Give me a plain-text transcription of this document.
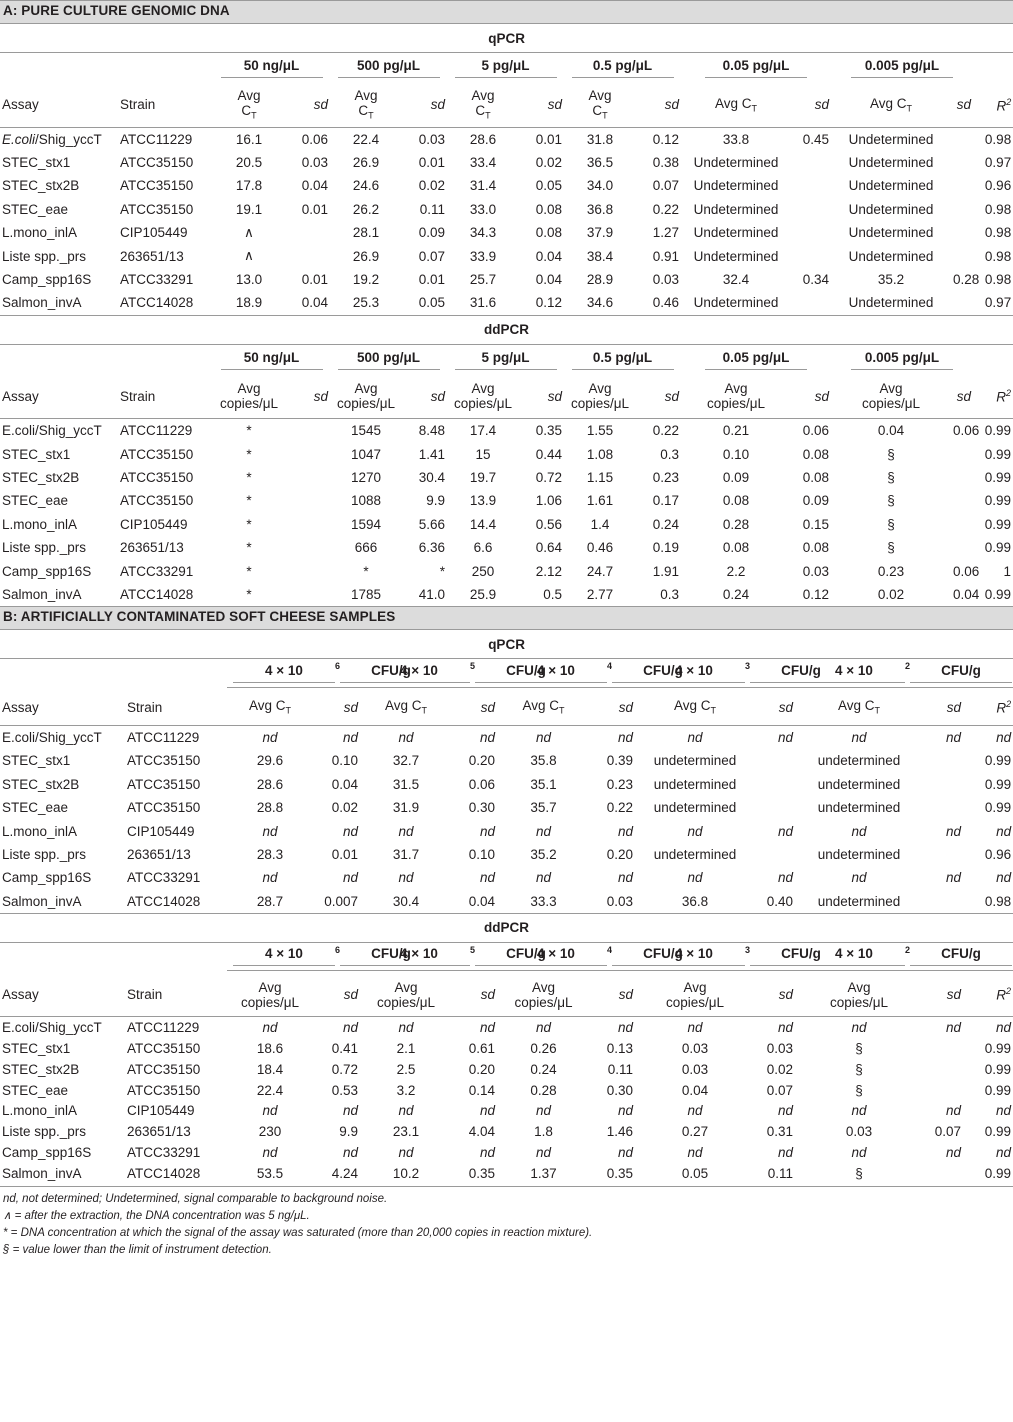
A: PURE CULTURE GENOMIC DNA
qPCR														
		50 ng/μL		500 pg/μL		5 pg/μL		0.5 pg/μL		0.05 pg/μL		0.005 pg/μL		
Assay	Strain	Avg
$C_T$	sd	Avg
$C_T$	sd	Avg
$C_T$	sd	Avg
$C_T$	sd	Avg $C_T$	sd	Avg $C_T$	sd	$R^2$
E.coli/Shig_yccT	ATCC11229	16.1	0.06	22.4	0.03	28.6	0.01	31.8	0.12	33.8	0.45	Undetermined		0.98
STEC_stx1	ATCC35150	20.5	0.03	26.9	0.01	33.4	0.02	36.5	0.38	Undetermined		Undetermined		0.97
STEC_stx2B	ATCC35150	17.8	0.04	24.6	0.02	31.4	0.05	34.0	0.07	Undetermined		Undetermined		0.96
STEC_eae	ATCC35150	19.1	0.01	26.2	0.11	33.0	0.08	36.8	0.22	Undetermined		Undetermined		0.98
L.mono_inlA	CIP105449	∧		28.1	0.09	34.3	0.08	37.9	1.27	Undetermined		Undetermined		0.98
Liste spp._prs	263651/13	∧		26.9	0.07	33.9	0.04	38.4	0.91	Undetermined		Undetermined		0.98
Camp_spp16S	ATCC33291	13.0	0.01	19.2	0.01	25.7	0.04	28.9	0.03	32.4	0.34	35.2	0.28	0.98
Salmon_invA	ATCC14028	18.9	0.04	25.3	0.05	31.6	0.12	34.6	0.46	Undetermined		Undetermined		0.97
ddPCR														
		50 ng/μL		500 pg/μL		5 pg/μL		0.5 pg/μL		0.05 pg/μL		0.005 pg/μL		
Assay	Strain	Avg
copies/μL	sd	Avg
copies/μL	sd	Avg
copies/μL	sd	Avg
copies/μL	sd	Avg
copies/μL	sd	Avg
copies/μL	sd	$R^2$
E.coli/Shig_yccT	ATCC11229	*		1545	8.48	17.4	0.35	1.55	0.22	0.21	0.06	0.04	0.06	0.99
STEC_stx1	ATCC35150	*		1047	1.41	15	0.44	1.08	0.3	0.10	0.08	§		0.99
STEC_stx2B	ATCC35150	*		1270	30.4	19.7	0.72	1.15	0.23	0.09	0.08	§		0.99
STEC_eae	ATCC35150	*		1088	9.9	13.9	1.06	1.61	0.17	0.08	0.09	§		0.99
L.mono_inlA	CIP105449	*		1594	5.66	14.4	0.56	1.4	0.24	0.28	0.15	§		0.99
Liste spp._prs	263651/13	*		666	6.36	6.6	0.64	0.46	0.19	0.08	0.08	§		0.99
Camp_spp16S	ATCC33291	*		*	*	250	2.12	24.7	1.91	2.2	0.03	0.23	0.06	1
Salmon_invA	ATCC14028	*		1785	41.0	25.9	0.5	2.77	0.3	0.24	0.12	0.02	0.04	0.99
B: ARTIFICIALLY CONTAMINATED SOFT CHEESE SAMPLES
qPCR												
		4 × 10 $^6$CFU/g		4 × 10 $^5$CFU/g		4 × 10 $^4$CFU/g		4 × 10 $^3$CFU/g		4 × 10 $^2$CFU/g		
Assay	Strain	Avg $C_T$	sd	Avg $C_T$	sd	Avg $C_T$	sd	Avg $C_T$	sd	Avg $C_T$	sd	$R^2$
E.coli/Shig_yccT	ATCC11229	nd	nd	nd	nd	nd	nd	nd	nd	nd	nd	nd
STEC_stx1	ATCC35150	29.6	0.10	32.7	0.20	35.8	0.39	undetermined		undetermined		0.99
STEC_stx2B	ATCC35150	28.6	0.04	31.5	0.06	35.1	0.23	undetermined		undetermined		0.99
STEC_eae	ATCC35150	28.8	0.02	31.9	0.30	35.7	0.22	undetermined		undetermined		0.99
L.mono_inlA	CIP105449	nd	nd	nd	nd	nd	nd	nd	nd	nd	nd	nd
Liste spp._prs	263651/13	28.3	0.01	31.7	0.10	35.2	0.20	undetermined		undetermined		0.96
Camp_spp16S	ATCC33291	nd	nd	nd	nd	nd	nd	nd	nd	nd	nd	nd
Salmon_invA	ATCC14028	28.7	0.007	30.4	0.04	33.3	0.03	36.8	0.40	undetermined		0.98
ddPCR												
		4 × 10 $^6$CFU/g		4 × 10 $^5$CFU/g		4 × 10 $^4$CFU/g		4 × 10 $^3$CFU/g		4 × 10 $^2$CFU/g		
Assay	Strain	Avg
copies/μL	sd	Avg
copies/μL	sd	Avg
copies/μL	sd	Avg
copies/μL	sd	Avg
copies/μL	sd	$R^2$
E.coli/Shig_yccT	ATCC11229	nd	nd	nd	nd	nd	nd	nd	nd	nd	nd	nd
STEC_stx1	ATCC35150	18.6	0.41	2.1	0.61	0.26	0.13	0.03	0.03	§		0.99
STEC_stx2B	ATCC35150	18.4	0.72	2.5	0.20	0.24	0.11	0.03	0.02	§		0.99
STEC_eae	ATCC35150	22.4	0.53	3.2	0.14	0.28	0.30	0.04	0.07	§		0.99
L.mono_inlA	CIP105449	nd	nd	nd	nd	nd	nd	nd	nd	nd	nd	nd
Liste spp._prs	263651/13	230	9.9	23.1	4.04	1.8	1.46	0.27	0.31	0.03	0.07	0.99
Camp_spp16S	ATCC33291	nd	nd	nd	nd	nd	nd	nd	nd	nd	nd	nd
Salmon_invA	ATCC14028	53.5	4.24	10.2	0.35	1.37	0.35	0.05	0.11	§		0.99
nd, not determined; Undetermined, signal comparable to background noise.
∧ = after the extraction, the DNA concentration was 5 ng/μL.
* = DNA concentration at which the signal of the assay was saturated (more than 20,000 copies in reaction mixture).
§ = value lower than the limit of instrument detection.
